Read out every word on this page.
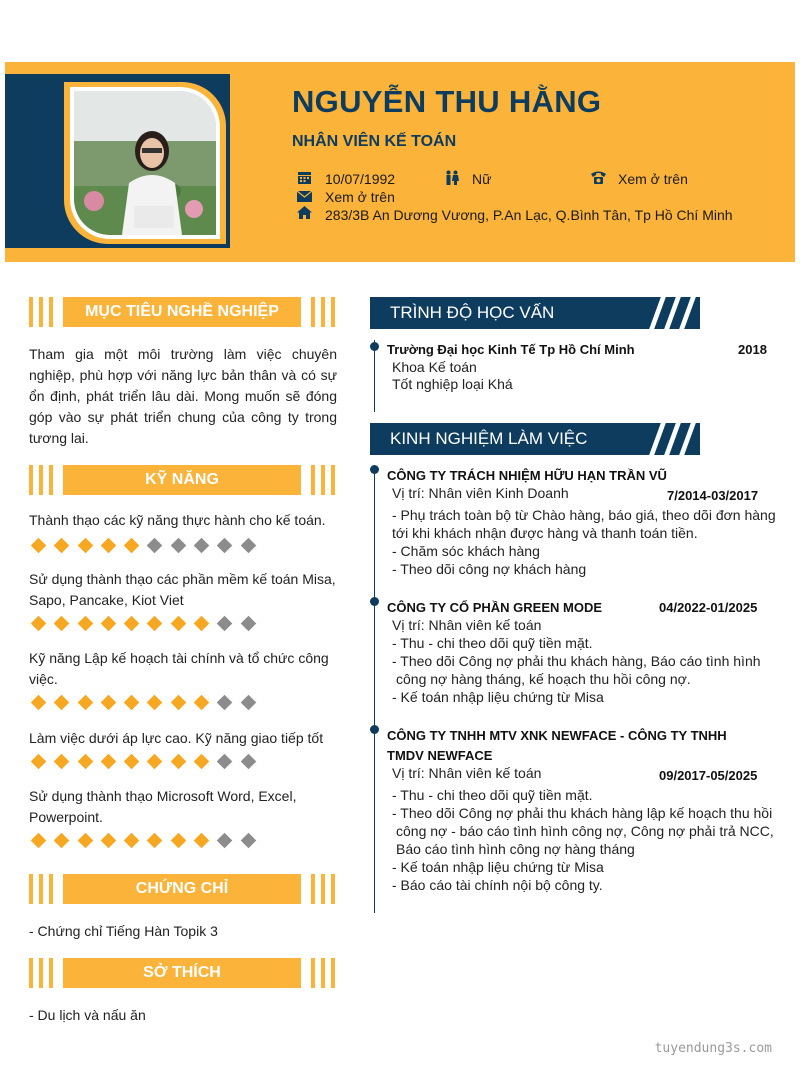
NGUYỄN THU HẰNG
NHÂN VIÊN KẾ TOÁN
10/07/1992	Nữ	Xem ở trên
Xem ở trên
283/3B An Dương Vương, P.An Lạc, Q.Bình Tân, Tp Hồ Chí Minh
MỤC TIÊU NGHỀ NGHIỆP
Tham gia một môi trường làm việc chuyên nghiệp, phù hợp với năng lực bản thân và có sự ổn định, phát triển lâu dài. Mong muốn sẽ đóng góp vào sự phát triển chung của công ty trong tương lai.
KỸ NĂNG
Thành thạo các kỹ năng thực hành cho kế toán.
Sử dụng thành thạo các phần mềm kế toán Misa, Sapo, Pancake, Kiot Viet
Kỹ năng Lập kế hoạch tài chính và tổ chức công việc.
Làm việc dưới áp lực cao. Kỹ năng giao tiếp tốt
Sử dụng thành thạo Microsoft Word, Excel, Powerpoint.
CHỨNG CHỈ
- Chứng chỉ Tiếng Hàn Topik 3
SỞ THÍCH
- Du lịch và nấu ăn
TRÌNH ĐỘ HỌC VẤN
Trường Đại học Kinh Tế Tp Hồ Chí Minh	2018
Khoa Kế toán
Tốt nghiệp loại Khá
KINH NGHIỆM LÀM VIỆC
CÔNG TY TRÁCH NHIỆM HỮU HẠN TRẦN VŨ
Vị trí: Nhân viên Kinh Doanh	7/2014-03/2017
- Phụ trách toàn bộ từ Chào hàng, báo giá, theo dõi đơn hàng
tới khi khách nhận được hàng và thanh toán tiền.
- Chăm sóc khách hàng
- Theo dõi công nợ khách hàng
CÔNG TY CỔ PHẦN GREEN MODE	04/2022-01/2025
Vị trí: Nhân viên kế toán
- Thu - chi theo dõi quỹ tiền mặt.
- Theo dõi Công nợ phải thu khách hàng, Báo cáo tình hình
công nợ hàng tháng, kế hoạch thu hồi công nợ.
- Kế toán nhập liệu chứng từ Misa
CÔNG TY TNHH MTV XNK NEWFACE - CÔNG TY TNHH
TMDV NEWFACE
Vị trí: Nhân viên kế toán	09/2017-05/2025
- Thu - chi theo dõi quỹ tiền mặt.
- Theo dõi Công nợ phải thu khách hàng lập kế hoạch thu hồi
công nợ - báo cáo tình hình công nợ, Công nợ phải trả NCC,
Báo cáo tình hình công nợ hàng tháng
- Kế toán nhập liệu chứng từ Misa
- Báo cáo tài chính nội bộ công ty.
tuyendung3s.com
